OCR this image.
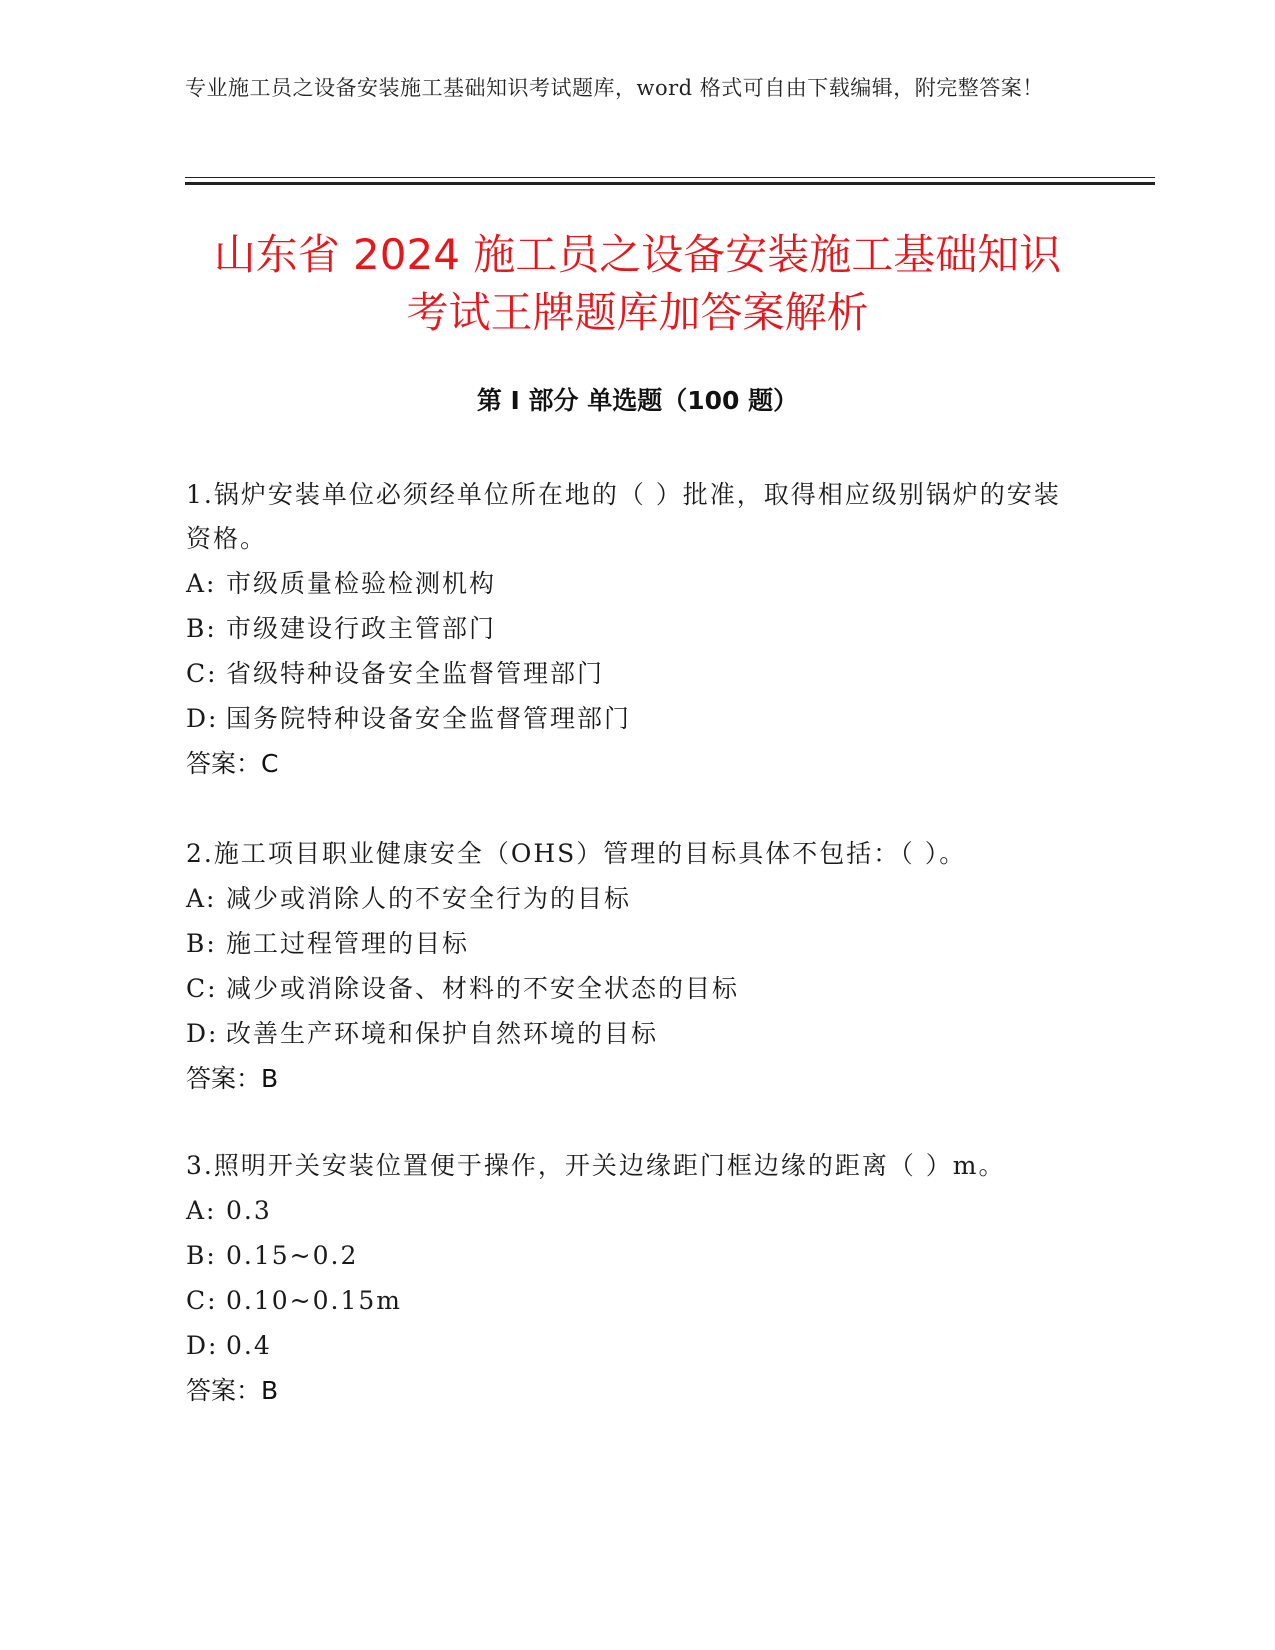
专业施工员之设备安装施工基础知识考试题库，word 格式可自由下载编辑，附完整答案！
山东省 2024 施工员之设备安装施工基础知识
考试王牌题库加答案解析
第 I 部分 单选题（100 题）
1.锅炉安装单位必须经单位所在地的（ ）批准，取得相应级别锅炉的安装资格。
A: 市级质量检验检测机构
B: 市级建设行政主管部门
C: 省级特种设备安全监督管理部门
D: 国务院特种设备安全监督管理部门
答案：C
2.施工项目职业健康安全（OHS）管理的目标具体不包括：（ ）。
A: 减少或消除人的不安全行为的目标
B: 施工过程管理的目标
C: 减少或消除设备、材料的不安全状态的目标
D: 改善生产环境和保护自然环境的目标
答案：B
3.照明开关安装位置便于操作，开关边缘距门框边缘的距离（ ）m。
A: 0.3
B: 0.15~0.2
C: 0.10~0.15m
D: 0.4
答案：B
